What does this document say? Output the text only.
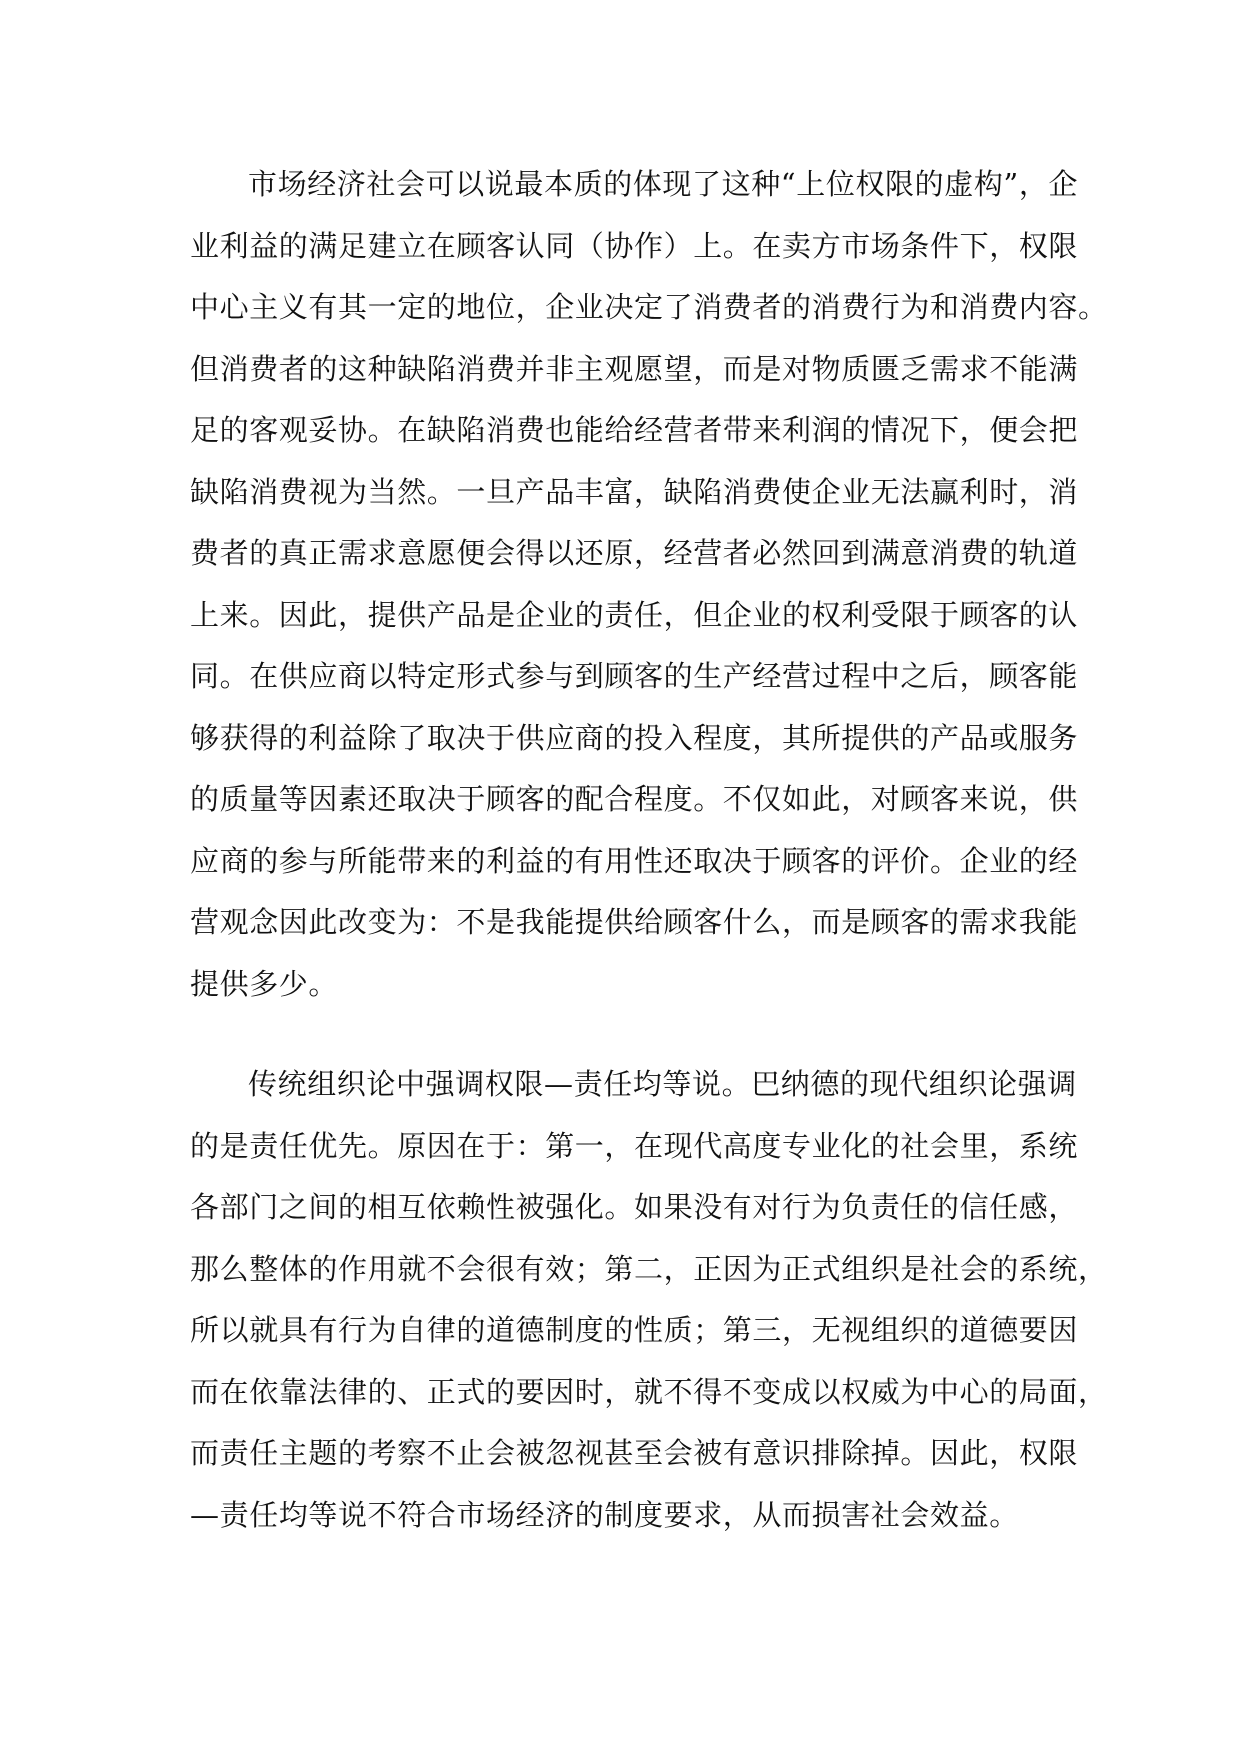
市场经济社会可以说最本质的体现了这种“上位权限的虚构”，企
业利益的满足建立在顾客认同（协作）上。在卖方市场条件下，权限
中心主义有其一定的地位，企业决定了消费者的消费行为和消费内容。
但消费者的这种缺陷消费并非主观愿望，而是对物质匮乏需求不能满
足的客观妥协。在缺陷消费也能给经营者带来利润的情况下，便会把
缺陷消费视为当然。一旦产品丰富，缺陷消费使企业无法赢利时，消
费者的真正需求意愿便会得以还原，经营者必然回到满意消费的轨道
上来。因此，提供产品是企业的责任，但企业的权利受限于顾客的认
同。在供应商以特定形式参与到顾客的生产经营过程中之后，顾客能
够获得的利益除了取决于供应商的投入程度，其所提供的产品或服务
的质量等因素还取决于顾客的配合程度。不仅如此，对顾客来说，供
应商的参与所能带来的利益的有用性还取决于顾客的评价。企业的经
营观念因此改变为：不是我能提供给顾客什么，而是顾客的需求我能
提供多少。
传统组织论中强调权限—责任均等说。巴纳德的现代组织论强调
的是责任优先。原因在于：第一，在现代高度专业化的社会里，系统
各部门之间的相互依赖性被强化。如果没有对行为负责任的信任感，
那么整体的作用就不会很有效；第二，正因为正式组织是社会的系统，
所以就具有行为自律的道德制度的性质；第三，无视组织的道德要因
而在依靠法律的、正式的要因时，就不得不变成以权威为中心的局面，
而责任主题的考察不止会被忽视甚至会被有意识排除掉。因此，权限
—责任均等说不符合市场经济的制度要求，从而损害社会效益。
